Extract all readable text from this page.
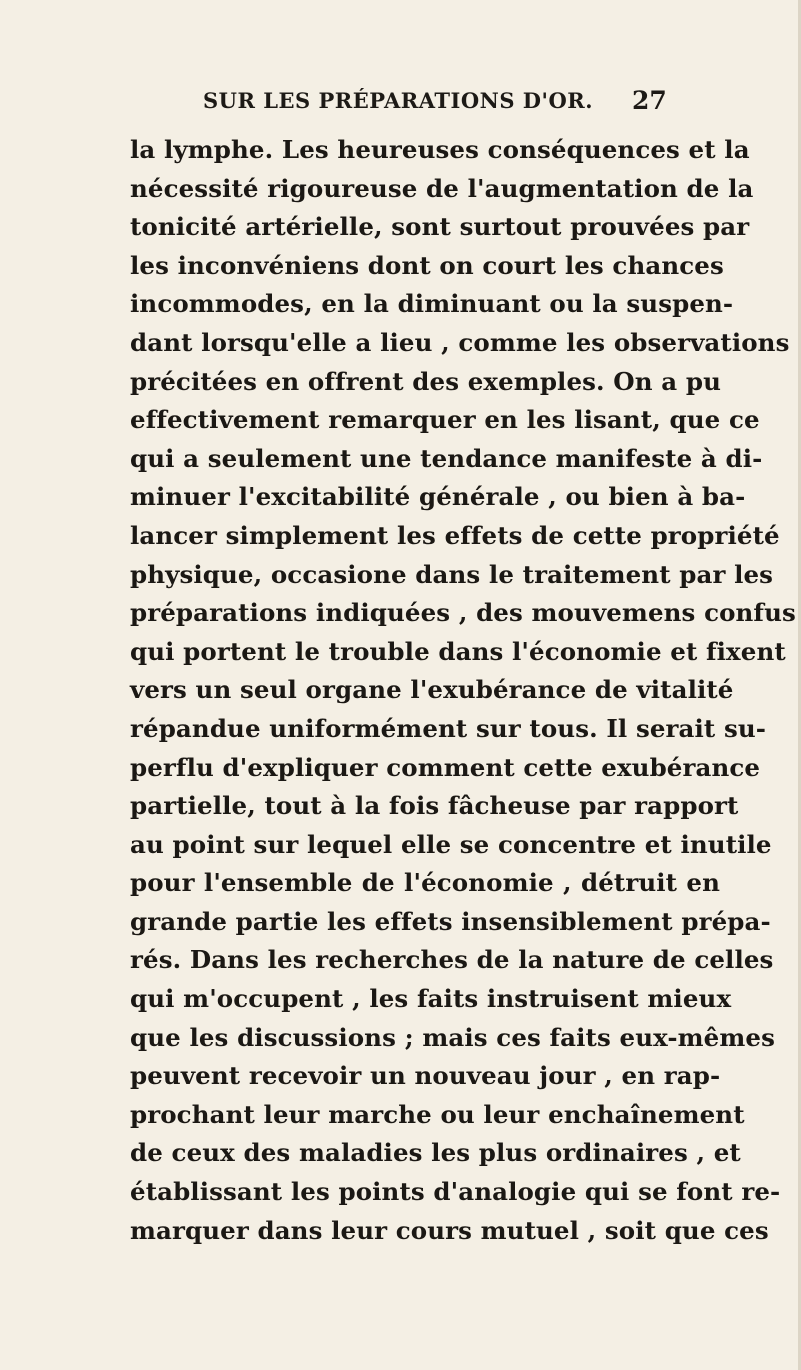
SUR LES PRÉPARATIONS D'OR. 27
la lymphe. Les heureuses conséquences et la
nécessité rigoureuse de l'augmentation de la
tonicité artérielle, sont surtout prouvées par
les inconvéniens dont on court les chances
incommodes, en la diminuant ou la suspen-
dant lorsqu'elle a lieu , comme les observations
précitées en offrent des exemples. On a pu
effectivement remarquer en les lisant, que ce
qui a seulement une tendance manifeste à di-
minuer l'excitabilité générale , ou bien à ba-
lancer simplement les effets de cette propriété
physique, occasione dans le traitement par les
préparations indiquées , des mouvemens confus
qui portent le trouble dans l'économie et fixent
vers un seul organe l'exubérance de vitalité
répandue uniformément sur tous. Il serait su-
perflu d'expliquer comment cette exubérance
partielle, tout à la fois fâcheuse par rapport
au point sur lequel elle se concentre et inutile
pour l'ensemble de l'économie , détruit en
grande partie les effets insensiblement prépa-
rés. Dans les recherches de la nature de celles
qui m'occupent , les faits instruisent mieux
que les discussions ; mais ces faits eux-mêmes
peuvent recevoir un nouveau jour , en rap-
prochant leur marche ou leur enchaînement
de ceux des maladies les plus ordinaires , et
établissant les points d'analogie qui se font re-
marquer dans leur cours mutuel , soit que ces
